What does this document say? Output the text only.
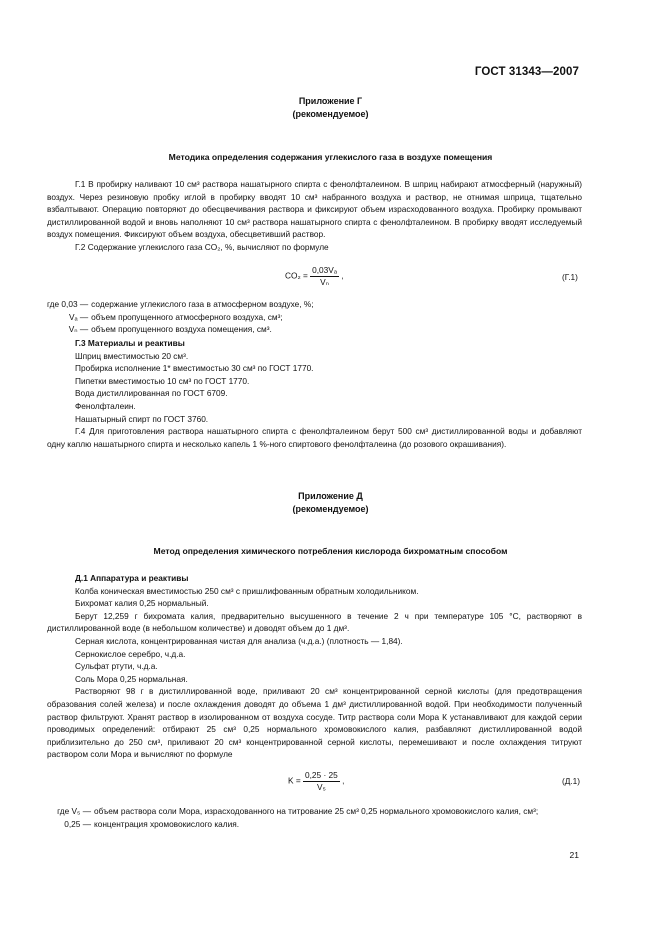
ГОСТ 31343—2007
Приложение Г
(рекомендуемое)
Методика определения содержания углекислого газа в воздухе помещения

Г.1 В пробирку наливают 10 см³ раствора нашатырного спирта с фенолфталеином. В шприц набирают атмосферный (наружный) воздух. Через резиновую пробку иглой в пробирку вводят 10 см³ набранного воздуха и раствор, не отнимая шприца, тщательно взбалтывают. Операцию повторяют до обесцвечивания раствора и фиксируют объем израсходованного воздуха. Пробирку промывают дистиллированной водой и вновь наполняют 10 см³ раствора нашатырного спирта с фенолфталеином. В пробирку вводят исследуемый воздух помещения. Фиксируют объем воздуха, обесцветивший раствор.

Г.2 Содержание углекислого газа CO₂, %, вычисляют по формуле

$CO_2 = \frac{\text{0,03Vₐ}}{\text{Vₙ}}$ ,	(Г.1)
где 0,03 —	содержание углекислого газа в атмосферном воздухе, %;
Vₐ —	объем пропущенного атмосферного воздуха, см³;
Vₙ —	объем пропущенного воздуха помещения, см³.

Г.3 Материалы и реактивы

Шприц вместимостью 20 см³.

Пробирка исполнение 1* вместимостью 30 см³ по ГОСТ 1770.

Пипетки вместимостью 10 см³ по ГОСТ 1770.

Вода дистиллированная по ГОСТ 6709.

Фенолфталеин.

Нашатырный спирт по ГОСТ 3760.

Г.4 Для приготовления раствора нашатырного спирта с фенолфталеином берут 500 см³ дистиллированной воды и добавляют одну каплю нашатырного спирта и несколько капель 1 %-ного спиртового фенолфталеина (до розового окрашивания).

Приложение Д
(рекомендуемое)
Метод определения химического потребления кислорода бихроматным способом

Д.1 Аппаратура и реактивы

Колба коническая вместимостью 250 см³ с пришлифованным обратным холодильником.

Бихромат калия 0,25 нормальный.

Берут 12,259 г бихромата калия, предварительно высушенного в течение 2 ч при температуре 105 °С, растворяют в дистиллированной воде (в небольшом количестве) и доводят объем до 1 дм³.

Серная кислота, концентрированная чистая для анализа (ч.д.а.) (плотность — 1,84).

Сернокислое серебро, ч.д.а.

Сульфат ртути, ч.д.а.

Соль Мора 0,25 нормальная.

Растворяют 98 г в дистиллированной воде, приливают 20 см³ концентрированной серной кислоты (для предотвращения образования солей железа) и после охлаждения доводят до объема 1 дм³ дистиллированной водой. При необходимости полученный раствор фильтруют. Хранят раствор в изолированном от воздуха сосуде. Титр раствора соли Мора К устанавливают для каждой серии проводимых определений: отбирают 25 см³ 0,25 нормального хромовокислого калия, разбавляют дистиллированной водой приблизительно до 250 см³, приливают 20 см³ концентрированной серной кислоты, перемешивают и после охлаждения титруют раствором соли Мора и вычисляют по формуле

$K = \frac{0,25 \cdot 25}{\text{V₅}}$ ,	(Д.1)
где V₅ —	объем раствора соли Мора, израсходованного на титрование 25 см³ 0,25 нормального хромовокислого калия, см³;
0,25 —	концентрация хромовокислого калия.
21
